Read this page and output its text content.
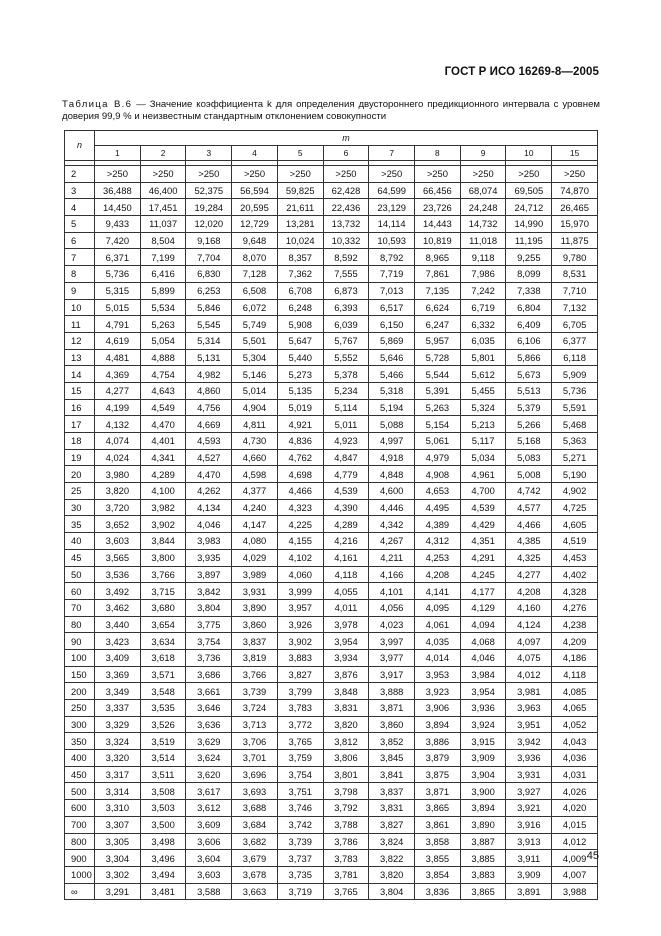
ГОСТ Р ИСО 16269-8—2005
Таблица В.6 — Значение коэффициента k для определения двустороннего предикционного интервала с уровнем доверия 99,9 % и неизвестным стандартным отклонением совокупности
n	m										
	1	2	3	4	5	6	7	8	9	10	15

2	>250	>250	>250	>250	>250	>250	>250	>250	>250	>250	>250
3	36,488	46,400	52,375	56,594	59,825	62,428	64,599	66,456	68,074	69,505	74,870
4	14,450	17,451	19,284	20,595	21,611	22,436	23,129	23,726	24,248	24,712	26,465
5	9,433	11,037	12,020	12,729	13,281	13,732	14,114	14,443	14,732	14,990	15,970
6	7,420	8,504	9,168	9,648	10,024	10,332	10,593	10,819	11,018	11,195	11,875
7	6,371	7,199	7,704	8,070	8,357	8,592	8,792	8,965	9,118	9,255	9,780
8	5,736	6,416	6,830	7,128	7,362	7,555	7,719	7,861	7,986	8,099	8,531
9	5,315	5,899	6,253	6,508	6,708	6,873	7,013	7,135	7,242	7,338	7,710
10	5,015	5,534	5,846	6,072	6,248	6,393	6,517	6,624	6,719	6,804	7,132
11	4,791	5,263	5,545	5,749	5,908	6,039	6,150	6,247	6,332	6,409	6,705
12	4,619	5,054	5,314	5,501	5,647	5,767	5,869	5,957	6,035	6,106	6,377
13	4,481	4,888	5,131	5,304	5,440	5,552	5,646	5,728	5,801	5,866	6,118
14	4,369	4,754	4,982	5,146	5,273	5,378	5,466	5,544	5,612	5,673	5,909
15	4,277	4,643	4,860	5,014	5,135	5,234	5,318	5,391	5,455	5,513	5,736
16	4,199	4,549	4,756	4,904	5,019	5,114	5,194	5,263	5,324	5,379	5,591
17	4,132	4,470	4,669	4,811	4,921	5,011	5,088	5,154	5,213	5,266	5,468
18	4,074	4,401	4,593	4,730	4,836	4,923	4,997	5,061	5,117	5,168	5,363
19	4,024	4,341	4,527	4,660	4,762	4,847	4,918	4,979	5,034	5,083	5,271
20	3,980	4,289	4,470	4,598	4,698	4,779	4,848	4,908	4,961	5,008	5,190
25	3,820	4,100	4,262	4,377	4,466	4,539	4,600	4,653	4,700	4,742	4,902
30	3,720	3,982	4,134	4,240	4,323	4,390	4,446	4,495	4,539	4,577	4,725
35	3,652	3,902	4,046	4,147	4,225	4,289	4,342	4,389	4,429	4,466	4,605
40	3,603	3,844	3,983	4,080	4,155	4,216	4,267	4,312	4,351	4,385	4,519
45	3,565	3,800	3,935	4,029	4,102	4,161	4,211	4,253	4,291	4,325	4,453
50	3,536	3,766	3,897	3,989	4,060	4,118	4,166	4,208	4,245	4,277	4,402
60	3,492	3,715	3,842	3,931	3,999	4,055	4,101	4,141	4,177	4,208	4,328
70	3,462	3,680	3,804	3,890	3,957	4,011	4,056	4,095	4,129	4,160	4,276
80	3,440	3,654	3,775	3,860	3,926	3,978	4,023	4,061	4,094	4,124	4,238
90	3,423	3,634	3,754	3,837	3,902	3,954	3,997	4,035	4,068	4,097	4,209
100	3,409	3,618	3,736	3,819	3,883	3,934	3,977	4,014	4,046	4,075	4,186
150	3,369	3,571	3,686	3,766	3,827	3,876	3,917	3,953	3,984	4,012	4,118
200	3,349	3,548	3,661	3,739	3,799	3,848	3,888	3,923	3,954	3,981	4,085
250	3,337	3,535	3,646	3,724	3,783	3,831	3,871	3,906	3,936	3,963	4,065
300	3,329	3,526	3,636	3,713	3,772	3,820	3,860	3,894	3,924	3,951	4,052
350	3,324	3,519	3,629	3,706	3,765	3,812	3,852	3,886	3,915	3,942	4,043
400	3,320	3,514	3,624	3,701	3,759	3,806	3,845	3,879	3,909	3,936	4,036
450	3,317	3,511	3,620	3,696	3,754	3,801	3,841	3,875	3,904	3,931	4,031
500	3,314	3,508	3,617	3,693	3,751	3,798	3,837	3,871	3,900	3,927	4,026
600	3,310	3,503	3,612	3,688	3,746	3,792	3,831	3,865	3,894	3,921	4,020
700	3,307	3,500	3,609	3,684	3,742	3,788	3,827	3,861	3,890	3,916	4,015
800	3,305	3,498	3,606	3,682	3,739	3,786	3,824	3,858	3,887	3,913	4,012
900	3,304	3,496	3,604	3,679	3,737	3,783	3,822	3,855	3,885	3,911	4,009
1000	3,302	3,494	3,603	3,678	3,735	3,781	3,820	3,854	3,883	3,909	4,007
∞	3,291	3,481	3,588	3,663	3,719	3,765	3,804	3,836	3,865	3,891	3,988
45
